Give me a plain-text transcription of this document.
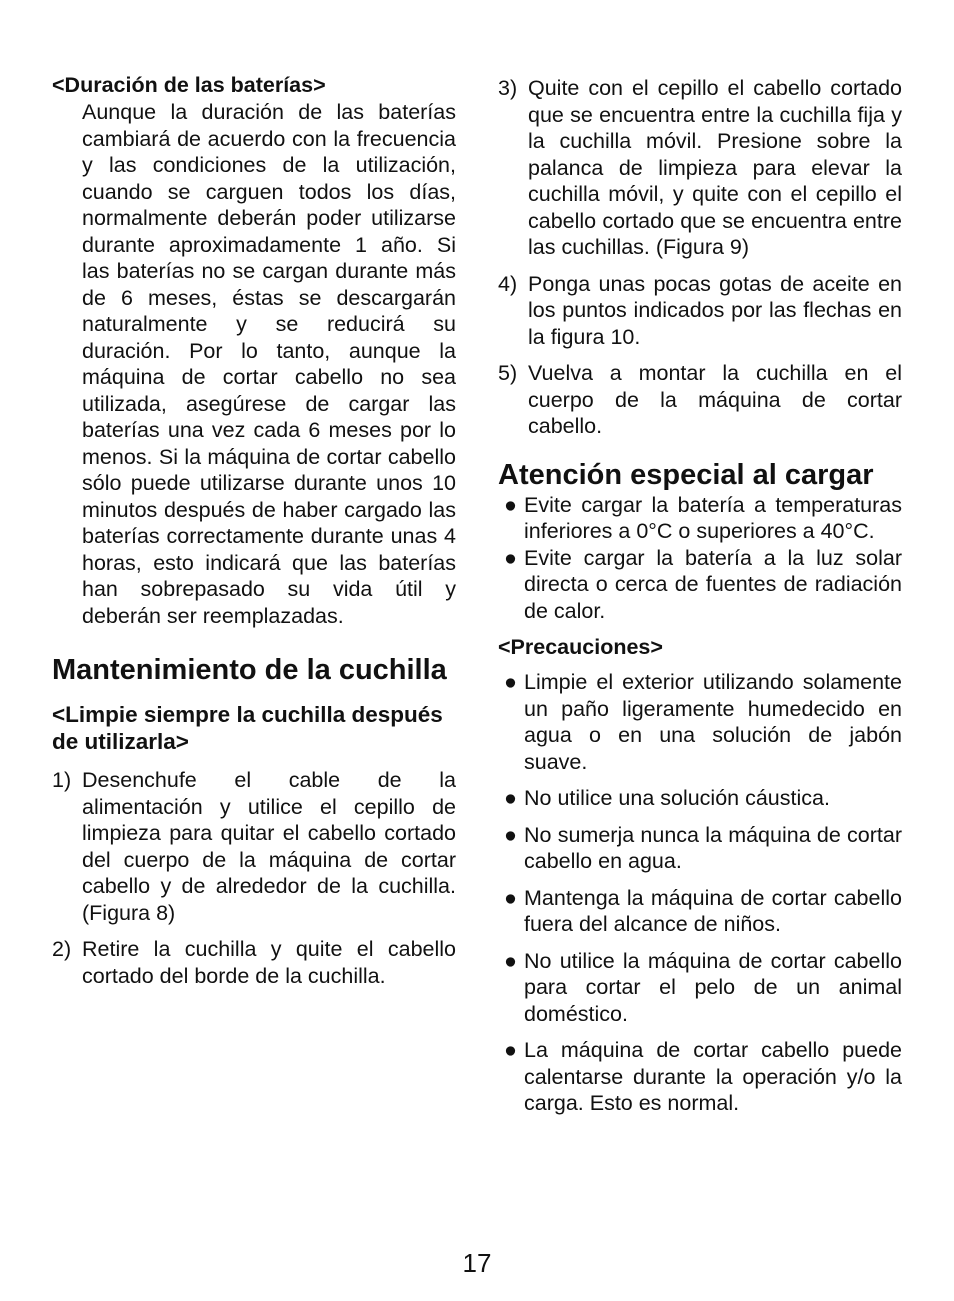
<Duración de las baterías>

Aunque la duración de las baterías cambiará de acuerdo con la frecuencia y las condiciones de la utilización, cuando se carguen todos los días, normalmente deberán poder utilizarse durante aproximadamente 1 año. Si las baterías no se cargan durante más de 6 meses, éstas se descargarán naturalmente y se reducirá su duración. Por lo tanto, aunque la máquina de cortar cabello no sea utilizada, asegúrese de cargar las baterías una vez cada 6 meses por lo menos. Si la máquina de cortar cabello sólo puede utilizarse durante unos 10 minutos después de haber cargado las baterías correctamente durante unas 4 horas, esto indicará que las baterías han sobrepasado su vida útil y deberán ser reemplazadas.

Mantenimiento de la cuchilla

<Limpie siempre la cuchilla después de utilizarla>

1) Desenchufe el cable de la alimentación y utilice el cepillo de limpieza para quitar el cabello cortado del cuerpo de la máquina de cortar cabello y de alrededor de la cuchilla. (Figura 8)

2) Retire la cuchilla y quite el cabello cortado del borde de la cuchilla.

3) Quite con el cepillo el cabello cortado que se encuentra entre la cuchilla fija y la cuchilla móvil. Presione sobre la palanca de limpieza para elevar la cuchilla móvil, y quite con el cepillo el cabello cortado que se encuentra entre las cuchillas. (Figura 9)

4) Ponga unas pocas gotas de aceite en los puntos indicados por las flechas en la figura 10.

5) Vuelva a montar la cuchilla en el cuerpo de la máquina de cortar cabello.

Atención especial al cargar
● Evite cargar la batería a temperaturas inferiores a 0°C o superiores a 40°C.

● Evite cargar la batería a la luz solar directa o cerca de fuentes de radiación de calor.

<Precauciones>

● Limpie el exterior utilizando solamente un paño ligeramente humedecido en agua o en una solución de jabón suave.

● No utilice una solución cáustica.

● No sumerja nunca la máquina de cortar cabello en agua.

● Mantenga la máquina de cortar cabello fuera del alcance de niños.

● No utilice la máquina de cortar cabello para cortar el pelo de un animal doméstico.

● La máquina de cortar cabello puede calentarse durante la operación y/o la carga. Esto es normal.

17
